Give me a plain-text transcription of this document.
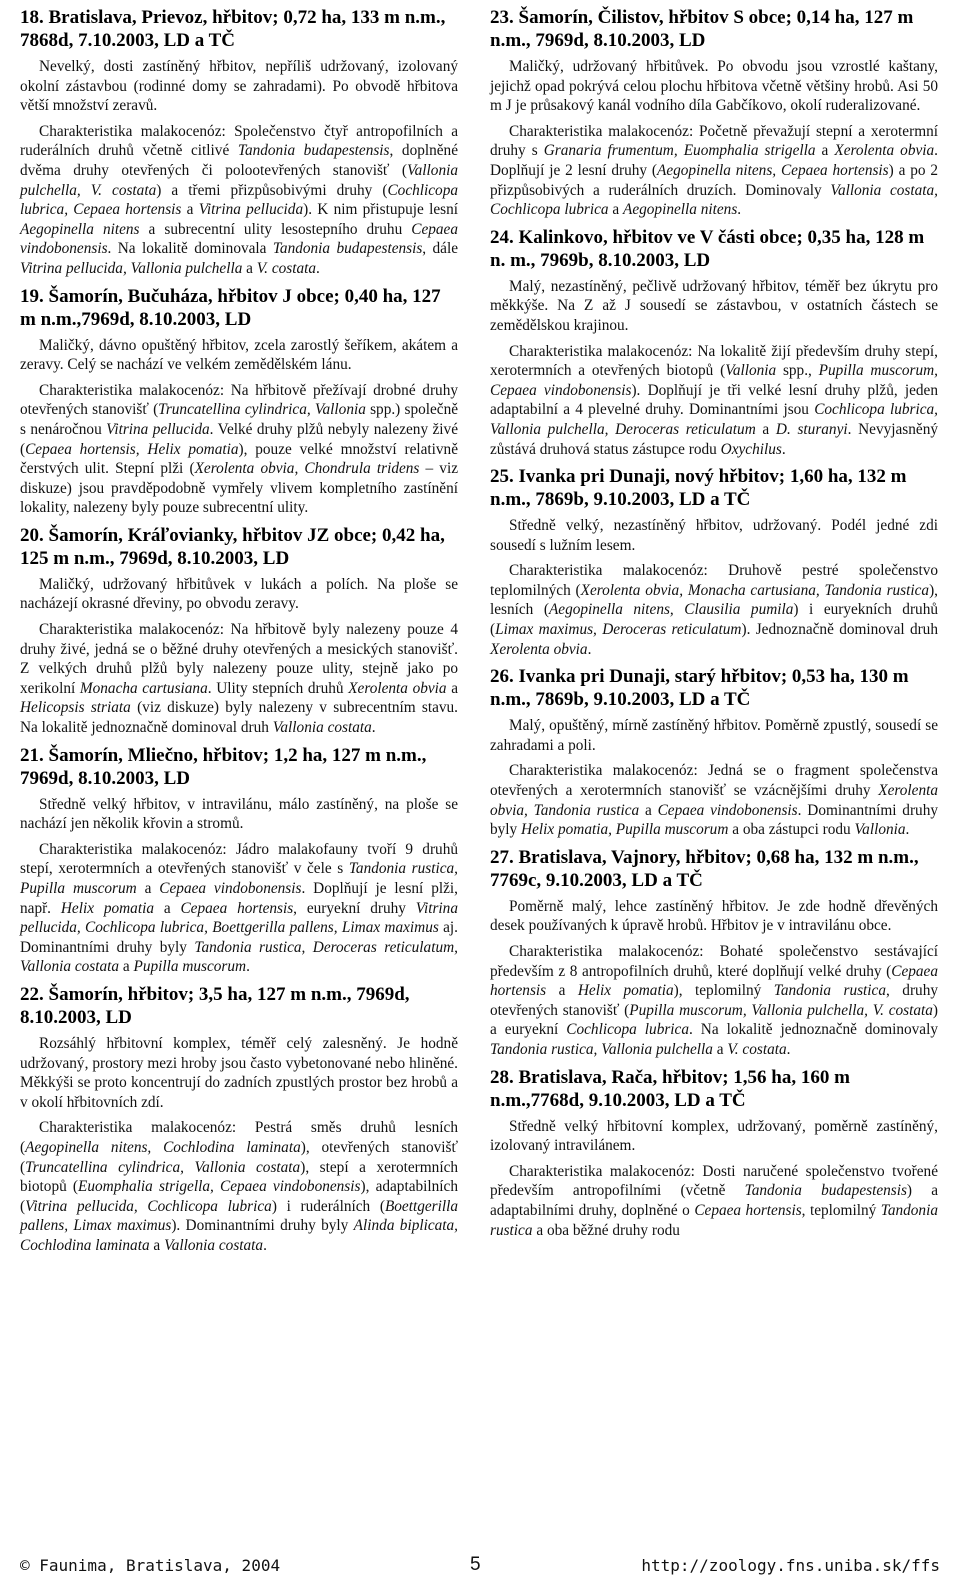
18. Bratislava, Prievoz, hřbitov; 0,72 ha, 133 m n.m., 7868d, 7.10.2003, LD a TČ

Nevelký, dosti zastíněný hřbitov, nepříliš udržovaný, izolovaný okolní zástavbou (rodinné domy se zahradami). Po obvodě hřbitova větší množství zeravů.

Charakteristika malakocenóz: Společenstvo čtyř antropofilních a ruderálních druhů včetně citlivé Tandonia budapestensis, doplněné dvěma druhy otevřených či polootevřených stanovišť (Vallonia pulchella, V. costata) a třemi přizpůsobivými druhy (Cochlicopa lubrica, Cepaea hortensis a Vitrina pellucida). K nim přistupuje lesní Aegopinella nitens a subrecentní ulity lesostepního druhu Cepaea vindobonensis. Na lokalitě dominovala Tandonia budapestensis, dále Vitrina pellucida, Vallonia pulchella a V. costata.

19. Šamorín, Bučuháza, hřbitov J obce; 0,40 ha, 127 m n.m.,7969d, 8.10.2003, LD

Maličký, dávno opuštěný hřbitov, zcela zarostlý šeříkem, akátem a zeravy. Celý se nachází ve velkém zemědělském lánu.

Charakteristika malakocenóz: Na hřbitově přežívají drobné druhy otevřených stanovišť (Truncatellina cylindrica, Vallonia spp.) společně s nenáročnou Vitrina pellucida. Velké druhy plžů nebyly nalezeny živé (Cepaea hortensis, Helix pomatia), pouze velké množství relativně čerstvých ulit. Stepní plži (Xerolenta obvia, Chondrula tridens – viz diskuze) jsou pravděpodobně vymřely vlivem kompletního zastínění lokality, nalezeny byly pouze subrecentní ulity.

20. Šamorín, Kráľovianky, hřbitov JZ obce; 0,42 ha, 125 m n.m., 7969d, 8.10.2003, LD

Maličký, udržovaný hřbitůvek v lukách a polích. Na ploše se nacházejí okrasné dřeviny, po obvodu zeravy.

Charakteristika malakocenóz: Na hřbitově byly nalezeny pouze 4 druhy živé, jedná se o běžné druhy otevřených a mesických stanovišť. Z velkých druhů plžů byly nalezeny pouze ulity, stejně jako po xerikolní Monacha cartusiana. Ulity stepních druhů Xerolenta obvia a Helicopsis striata (viz diskuze) byly nalezeny v subrecentním stavu. Na lokalitě jednoznačně dominoval druh Vallonia costata.

21. Šamorín, Mliečno, hřbitov; 1,2 ha, 127 m n.m., 7969d, 8.10.2003, LD

Středně velký hřbitov, v intravilánu, málo zastíněný, na ploše se nachází jen několik křovin a stromů.

Charakteristika malakocenóz: Jádro malakofauny tvoří 9 druhů stepí, xerotermních a otevřených stanovišť v čele s Tandonia rustica, Pupilla muscorum a Cepaea vindobonensis. Doplňují je lesní plži, např. Helix pomatia a Cepaea hortensis, euryekní druhy Vitrina pellucida, Cochlicopa lubrica, Boettgerilla pallens, Limax maximus aj. Dominantními druhy byly Tandonia rustica, Deroceras reticulatum, Vallonia costata a Pupilla muscorum.

22. Šamorín, hřbitov; 3,5 ha, 127 m n.m., 7969d, 8.10.2003, LD

Rozsáhlý hřbitovní komplex, téměř celý zalesněný. Je hodně udržovaný, prostory mezi hroby jsou často vybetonované nebo hliněné. Měkkýši se proto koncentrují do zadních zpustlých prostor bez hrobů a v okolí hřbitovních zdí.

Charakteristika malakocenóz: Pestrá směs druhů lesních (Aegopinella nitens, Cochlodina laminata), otevřených stanovišť (Truncatellina cylindrica, Vallonia costata), stepí a xerotermních biotopů (Euomphalia strigella, Cepaea vindobonensis), adaptabilních (Vitrina pellucida, Cochlicopa lubrica) i ruderálních (Boettgerilla pallens, Limax maximus). Dominantními druhy byly Alinda biplicata, Cochlodina laminata a Vallonia costata.

23. Šamorín, Čilistov, hřbitov S obce; 0,14 ha, 127 m n.m., 7969d, 8.10.2003, LD

Maličký, udržovaný hřbitůvek. Po obvodu jsou vzrostlé kaštany, jejichž opad pokrývá celou plochu hřbitova včetně většiny hrobů. Asi 50 m J je průsakový kanál vodního díla Gabčíkovo, okolí ruderalizované.

Charakteristika malakocenóz: Početně převažují stepní a xerotermní druhy s Granaria frumentum, Euomphalia strigella a Xerolenta obvia. Doplňují je 2 lesní druhy (Aegopinella nitens, Cepaea hortensis) a po 2 přizpůsobivých a ruderálních druzích. Dominovaly Vallonia costata, Cochlicopa lubrica a Aegopinella nitens.

24. Kalinkovo, hřbitov ve V části obce; 0,35 ha, 128 m n. m., 7969b, 8.10.2003, LD

Malý, nezastíněný, pečlivě udržovaný hřbitov, téměř bez úkrytu pro měkkýše. Na Z až J sousedí se zástavbou, v ostatních částech se zemědělskou krajinou.

Charakteristika malakocenóz: Na lokalitě žijí především druhy stepí, xerotermních a otevřených biotopů (Vallonia spp., Pupilla muscorum, Cepaea vindobonensis). Doplňují je tři velké lesní druhy plžů, jeden adaptabilní a 4 plevelné druhy. Dominantními jsou Cochlicopa lubrica, Vallonia pulchella, Deroceras reticulatum a D. sturanyi. Nevyjasněný zůstává druhová status zástupce rodu Oxychilus.

25. Ivanka pri Dunaji, nový hřbitov; 1,60 ha, 132 m n.m., 7869b, 9.10.2003, LD a TČ

Středně velký, nezastíněný hřbitov, udržovaný. Podél jedné zdi sousedí s lužním lesem.

Charakteristika malakocenóz: Druhově pestré společenstvo teplomilných (Xerolenta obvia, Monacha cartusiana, Tandonia rustica), lesních (Aegopinella nitens, Clausilia pumila) i euryekních druhů (Limax maximus, Deroceras reticulatum). Jednoznačně dominoval druh Xerolenta obvia.

26. Ivanka pri Dunaji, starý hřbitov; 0,53 ha, 130 m n.m., 7869b, 9.10.2003, LD a TČ

Malý, opuštěný, mírně zastíněný hřbitov. Poměrně zpustlý, sousedí se zahradami a poli.

Charakteristika malakocenóz: Jedná se o fragment společenstva otevřených a xerotermních stanovišť se vzácnějšími druhy Xerolenta obvia, Tandonia rustica a Cepaea vindobonensis. Dominantními druhy byly Helix pomatia, Pupilla muscorum a oba zástupci rodu Vallonia.

27. Bratislava, Vajnory, hřbitov; 0,68 ha, 132 m n.m., 7769c, 9.10.2003, LD a TČ

Poměrně malý, lehce zastíněný hřbitov. Je zde hodně dřevěných desek používaných k úpravě hrobů. Hřbitov je v intravilánu obce.

Charakteristika malakocenóz: Bohaté společenstvo sestávající především z 8 antropofilních druhů, které doplňují velké druhy (Cepaea hortensis a Helix pomatia), teplomilný Tandonia rustica, druhy otevřených stanovišť (Pupilla muscorum, Vallonia pulchella, V. costata) a euryekní Cochlicopa lubrica. Na lokalitě jednoznačně dominovaly Tandonia rustica, Vallonia pulchella a V. costata.

28. Bratislava, Rača, hřbitov; 1,56 ha, 160 m n.m.,7768d, 9.10.2003, LD a TČ

Středně velký hřbitovní komplex, udržovaný, poměrně zastíněný, izolovaný intravilánem.

Charakteristika malakocenóz: Dosti naručené společenstvo tvořené především antropofilními (včetně Tandonia budapestensis) a adaptabilními druhy, doplněné o Cepaea hortensis, teplomilný Tandonia rustica a oba běžné druhy rodu

© Faunima, Bratislava, 2004	5	http://zoology.fns.uniba.sk/ffs
